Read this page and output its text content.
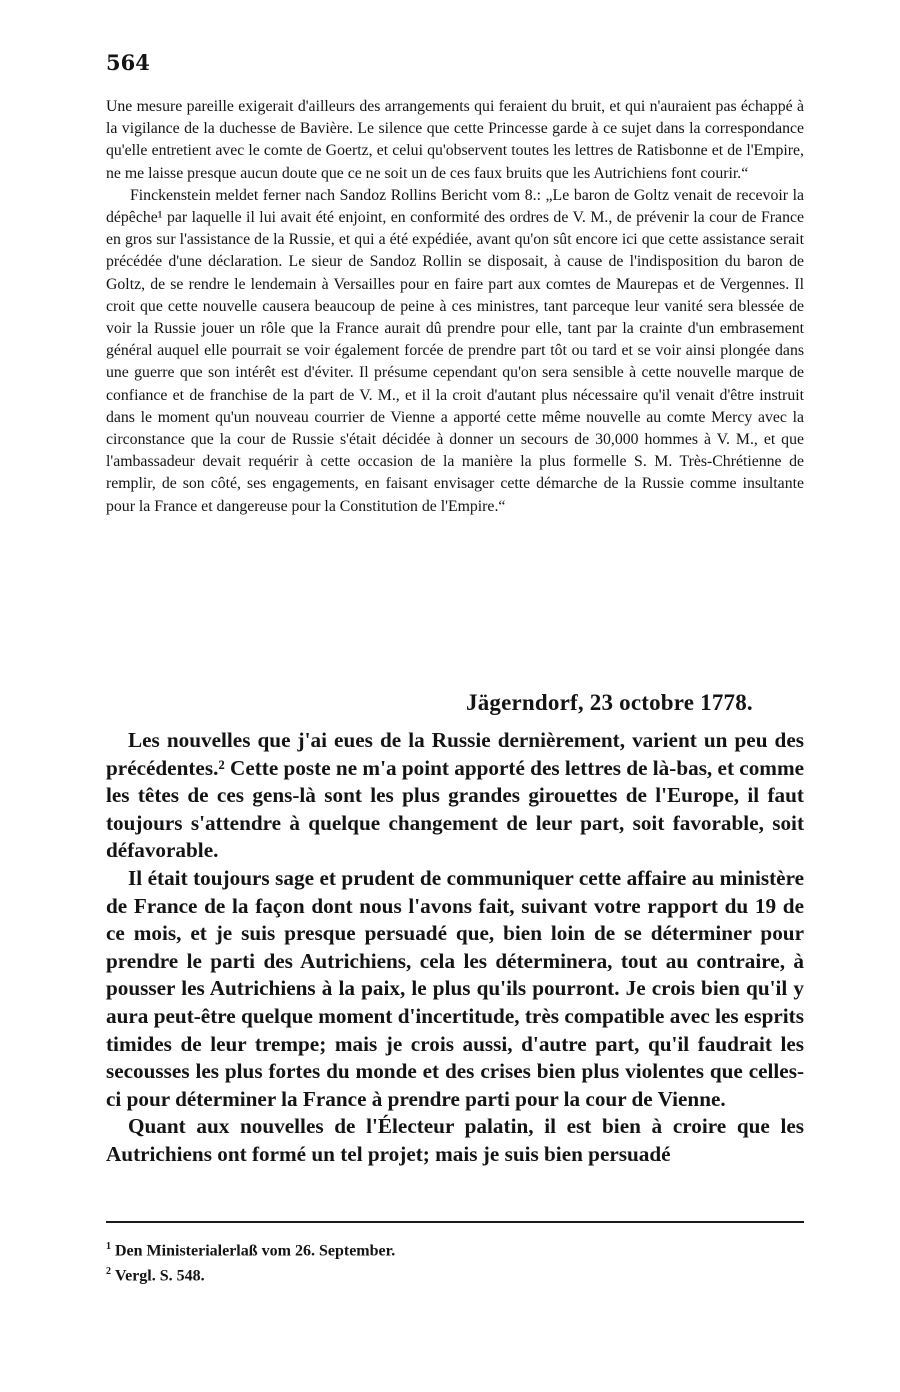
564

Une mesure pareille exigerait d'ailleurs des arrangements qui feraient du bruit, et qui n'auraient pas échappé à la vigilance de la duchesse de Bavière. Le silence que cette Princesse garde à ce sujet dans la correspondance qu'elle entretient avec le comte de Goertz, et celui qu'observent toutes les lettres de Ratisbonne et de l'Empire, ne me laisse presque aucun doute que ce ne soit un de ces faux bruits que les Autrichiens font courir.“

Finckenstein meldet ferner nach Sandoz Rollins Bericht vom 8.: „Le baron de Goltz venait de recevoir la dépêche¹ par laquelle il lui avait été enjoint, en conformité des ordres de V. M., de prévenir la cour de France en gros sur l'assistance de la Russie, et qui a été expédiée, avant qu'on sût encore ici que cette assistance serait précédée d'une déclaration. Le sieur de Sandoz Rollin se disposait, à cause de l'indisposition du baron de Goltz, de se rendre le lendemain à Versailles pour en faire part aux comtes de Maurepas et de Vergennes. Il croit que cette nouvelle causera beaucoup de peine à ces ministres, tant parceque leur vanité sera blessée de voir la Russie jouer un rôle que la France aurait dû prendre pour elle, tant par la crainte d'un embrasement général auquel elle pourrait se voir également forcée de prendre part tôt ou tard et se voir ainsi plongée dans une guerre que son intérêt est d'éviter. Il présume cependant qu'on sera sensible à cette nouvelle marque de confiance et de franchise de la part de V. M., et il la croit d'autant plus nécessaire qu'il venait d'être instruit dans le moment qu'un nouveau courrier de Vienne a apporté cette même nouvelle au comte Mercy avec la circonstance que la cour de Russie s'était décidée à donner un secours de 30,000 hommes à V. M., et que l'ambassadeur devait requérir à cette occasion de la manière la plus formelle S. M. Très-Chrétienne de remplir, de son côté, ses engagements, en faisant envisager cette démarche de la Russie comme insultante pour la France et dangereuse pour la Constitution de l'Empire.“

Jägerndorf, 23 octobre 1778.

Les nouvelles que j'ai eues de la Russie dernièrement, varient un peu des précédentes.² Cette poste ne m'a point apporté des lettres de là-bas, et comme les têtes de ces gens-là sont les plus grandes girouettes de l'Europe, il faut toujours s'attendre à quelque changement de leur part, soit favorable, soit défavorable.

Il était toujours sage et prudent de communiquer cette affaire au ministère de France de la façon dont nous l'avons fait, suivant votre rapport du 19 de ce mois, et je suis presque persuadé que, bien loin de se déterminer pour prendre le parti des Autrichiens, cela les déterminera, tout au contraire, à pousser les Autrichiens à la paix, le plus qu'ils pourront. Je crois bien qu'il y aura peut-être quelque moment d'incertitude, très compatible avec les esprits timides de leur trempe; mais je crois aussi, d'autre part, qu'il faudrait les secousses les plus fortes du monde et des crises bien plus violentes que celles-ci pour déterminer la France à prendre parti pour la cour de Vienne.

Quant aux nouvelles de l'Électeur palatin, il est bien à croire que les Autrichiens ont formé un tel projet; mais je suis bien persuadé

$^1$ Den Ministerialerlaß vom 26. September.

$^2$ Vergl. S. 548.
